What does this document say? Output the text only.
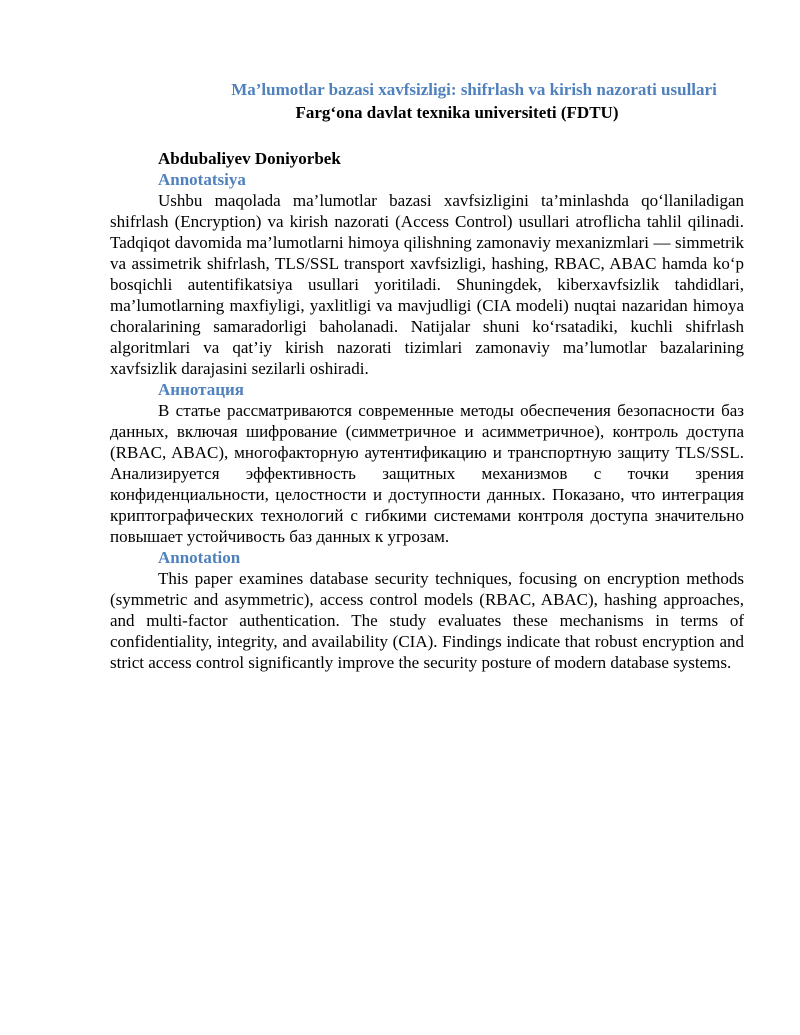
Ma’lumotlar bazasi xavfsizligi: shifrlash va kirish nazorati usullari

Farg‘ona davlat texnika universiteti (FDTU)

Abdubaliyev Doniyorbek

Annotatsiya

Ushbu maqolada ma’lumotlar bazasi xavfsizligini ta’minlashda qo‘llaniladigan shifrlash (Encryption) va kirish nazorati (Access Control) usullari atroflicha tahlil qilinadi. Tadqiqot davomida ma’lumotlarni himoya qilishning zamonaviy mexanizmlari — simmetrik va assimetrik shifrlash, TLS/SSL transport xavfsizligi, hashing, RBAC, ABAC hamda ko‘p bosqichli autentifikatsiya usullari yoritiladi. Shuningdek, kiberxavfsizlik tahdidlari, ma’lumotlarning maxfiyligi, yaxlitligi va mavjudligi (CIA modeli) nuqtai nazaridan himoya choralarining samaradorligi baholanadi. Natijalar shuni ko‘rsatadiki, kuchli shifrlash algoritmlari va qat’iy kirish nazorati tizimlari zamonaviy ma’lumotlar bazalarining xavfsizlik darajasini sezilarli oshiradi.

Аннотация

В статье рассматриваются современные методы обеспечения безопасности баз данных, включая шифрование (симметричное и асимметричное), контроль доступа (RBAC, ABAC), многофакторную аутентификацию и транспортную защиту TLS/SSL. Анализируется эффективность защитных механизмов с точки зрения конфиденциальности, целостности и доступности данных. Показано, что интеграция криптографических технологий с гибкими системами контроля доступа значительно повышает устойчивость баз данных к угрозам.

Annotation

This paper examines database security techniques, focusing on encryption methods (symmetric and asymmetric), access control models (RBAC, ABAC), hashing approaches, and multi-factor authentication. The study evaluates these mechanisms in terms of confidentiality, integrity, and availability (CIA). Findings indicate that robust encryption and strict access control significantly improve the security posture of modern database systems.
